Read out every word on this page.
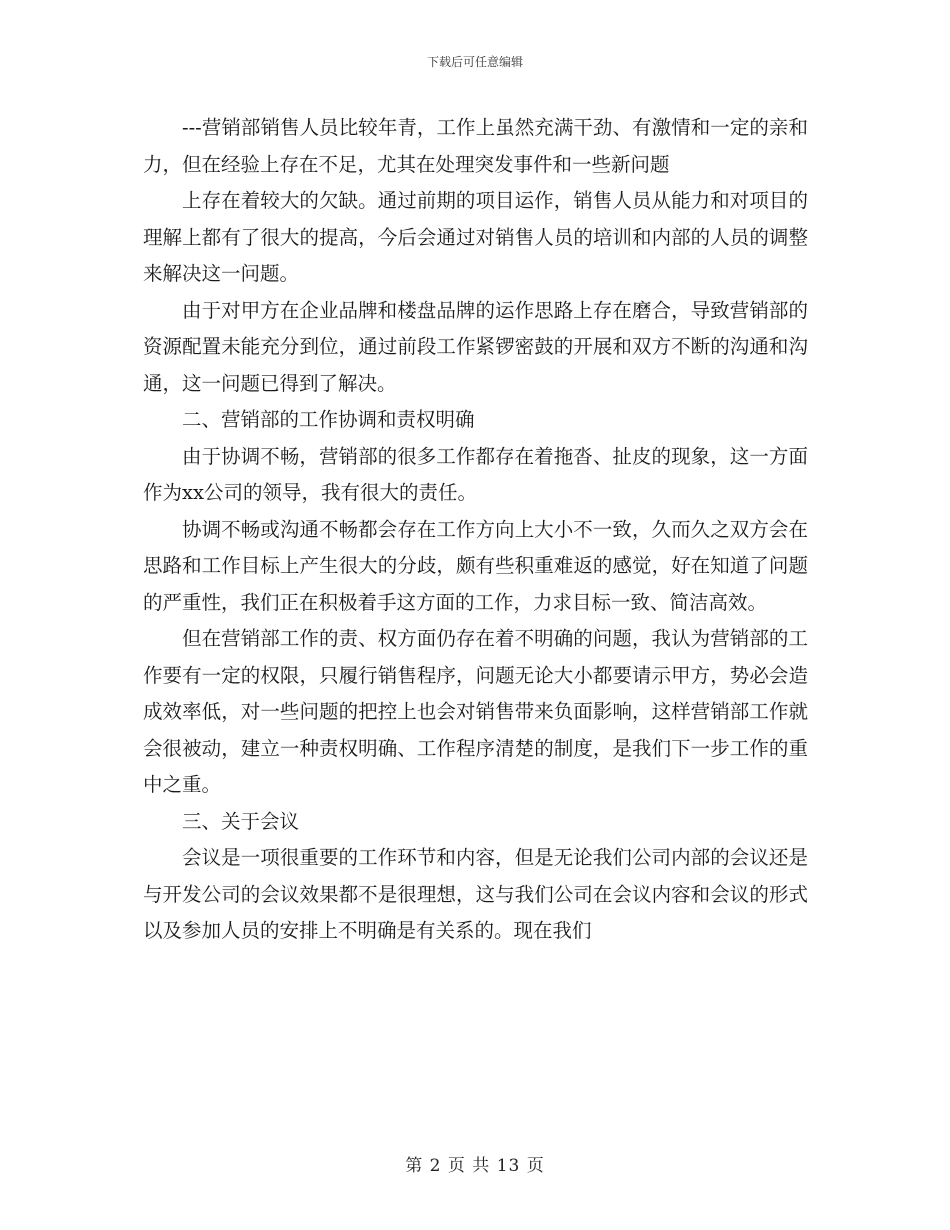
下载后可任意编辑

---营销部销售人员比较年青，工作上虽然充满干劲、有激情和一定的亲和力，但在经验上存在不足，尤其在处理突发事件和一些新问题

上存在着较大的欠缺。通过前期的项目运作，销售人员从能力和对项目的理解上都有了很大的提高，今后会通过对销售人员的培训和内部的人员的调整来解决这一问题。

由于对甲方在企业品牌和楼盘品牌的运作思路上存在磨合，导致营销部的资源配置未能充分到位，通过前段工作紧锣密鼓的开展和双方不断的沟通和沟通，这一问题已得到了解决。

二、营销部的工作协调和责权明确

由于协调不畅，营销部的很多工作都存在着拖沓、扯皮的现象，这一方面作为xx公司的领导，我有很大的责任。

协调不畅或沟通不畅都会存在工作方向上大小不一致，久而久之双方会在思路和工作目标上产生很大的分歧，颇有些积重难返的感觉，好在知道了问题的严重性，我们正在积极着手这方面的工作，力求目标一致、简洁高效。

但在营销部工作的责、权方面仍存在着不明确的问题，我认为营销部的工作要有一定的权限，只履行销售程序，问题无论大小都要请示甲方，势必会造成效率低，对一些问题的把控上也会对销售带来负面影响，这样营销部工作就会很被动，建立一种责权明确、工作程序清楚的制度，是我们下一步工作的重中之重。

三、关于会议

会议是一项很重要的工作环节和内容，但是无论我们公司内部的会议还是与开发公司的会议效果都不是很理想，这与我们公司在会议内容和会议的形式以及参加人员的安排上不明确是有关系的。现在我们

第 2 页 共 13 页
